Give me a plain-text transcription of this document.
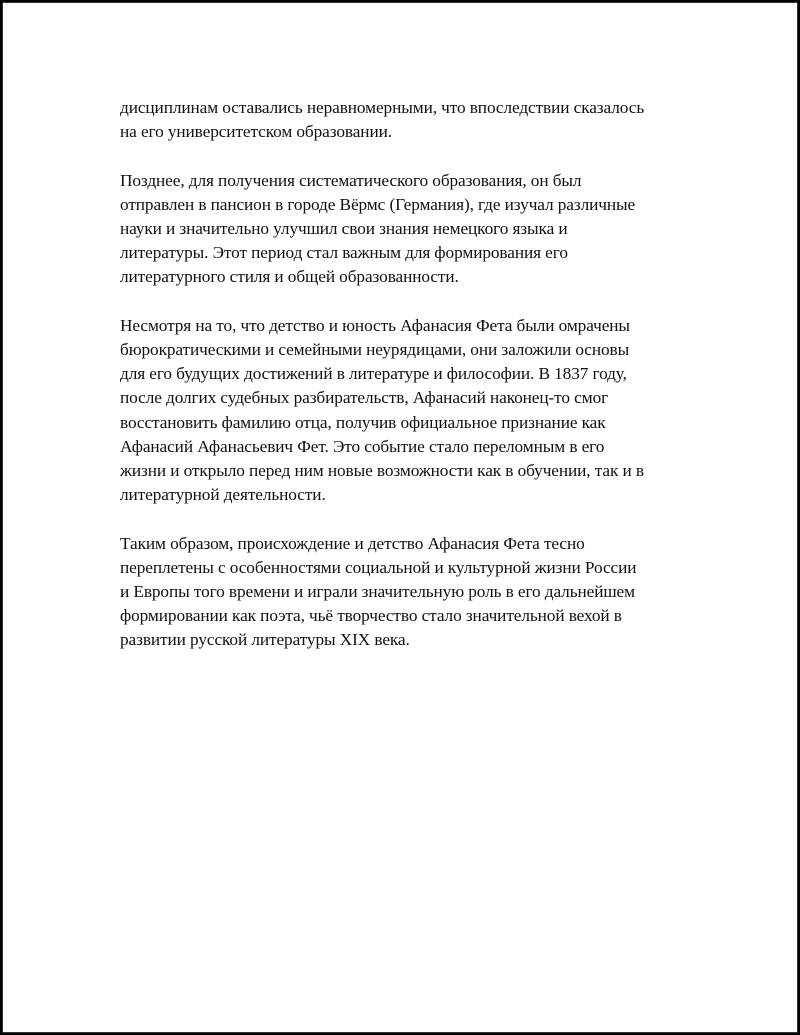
дисциплинам оставались неравномерными, что впоследствии сказалось
на его университетском образовании.

Позднее, для получения систематического образования, он был
отправлен в пансион в городе Вёрмс (Германия), где изучал различные
науки и значительно улучшил свои знания немецкого языка и
литературы. Этот период стал важным для формирования его
литературного стиля и общей образованности.

Несмотря на то, что детство и юность Афанасия Фета были омрачены
бюрократическими и семейными неурядицами, они заложили основы
для его будущих достижений в литературе и философии. В 1837 году,
после долгих судебных разбирательств, Афанасий наконец-то смог
восстановить фамилию отца, получив официальное признание как
Афанасий Афанасьевич Фет. Это событие стало переломным в его
жизни и открыло перед ним новые возможности как в обучении, так и в
литературной деятельности.

Таким образом, происхождение и детство Афанасия Фета тесно
переплетены с особенностями социальной и культурной жизни России
и Европы того времени и играли значительную роль в его дальнейшем
формировании как поэта, чьё творчество стало значительной вехой в
развитии русской литературы XIX века.
